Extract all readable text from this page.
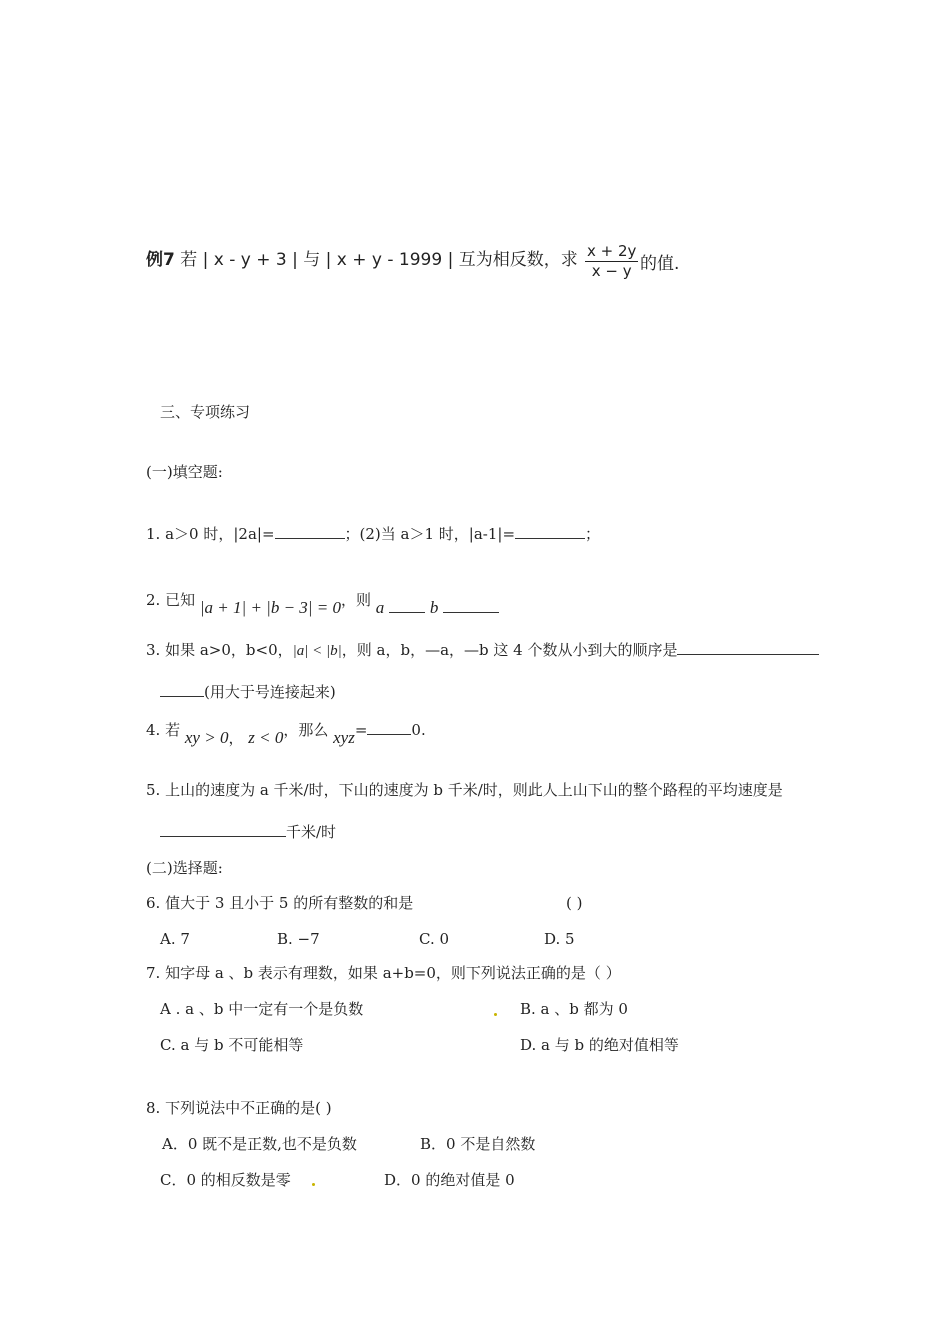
例7 若 | x - y + 3 | 与 | x + y - 1999 | 互为相反数，求 $\frac{x + 2y}{x - y}$ 的值.
三、专项练习
(一)填空题:
1. a＞0 时，|2a|=	；(2)当 a＞1 时，|a-1|=	；
2. 已知 |a + 1| + |b − 3| = 0，则 a	b
3. 如果 a>0，b<0，|a| < |b|，则 a，b，—a，—b 这 4 个数从小到大的顺序是
(用大于号连接起来)
4. 若 xy > 0， z < 0，那么 xyz=	0.
5. 上山的速度为 a 千米/时，下山的速度为 b 千米/时，则此人上山下山的整个路程的平均速度是
千米/时
(二)选择题:
6. 值大于 3 且小于 5 的所有整数的和是	( )
A. 7	B. −7	C. 0	D. 5
7. 知字母 a 、b 表示有理数，如果 a+b=0，则下列说法正确的是（ ）
A . a 、b 中一定有一个是负数	B. a 、b 都为 0
C. a 与 b 不可能相等	D. a 与 b 的绝对值相等
8. 下列说法中不正确的是( )
A．0 既不是正数,也不是负数	B．0 不是自然数
C．0 的相反数是零	D．0 的绝对值是 0
